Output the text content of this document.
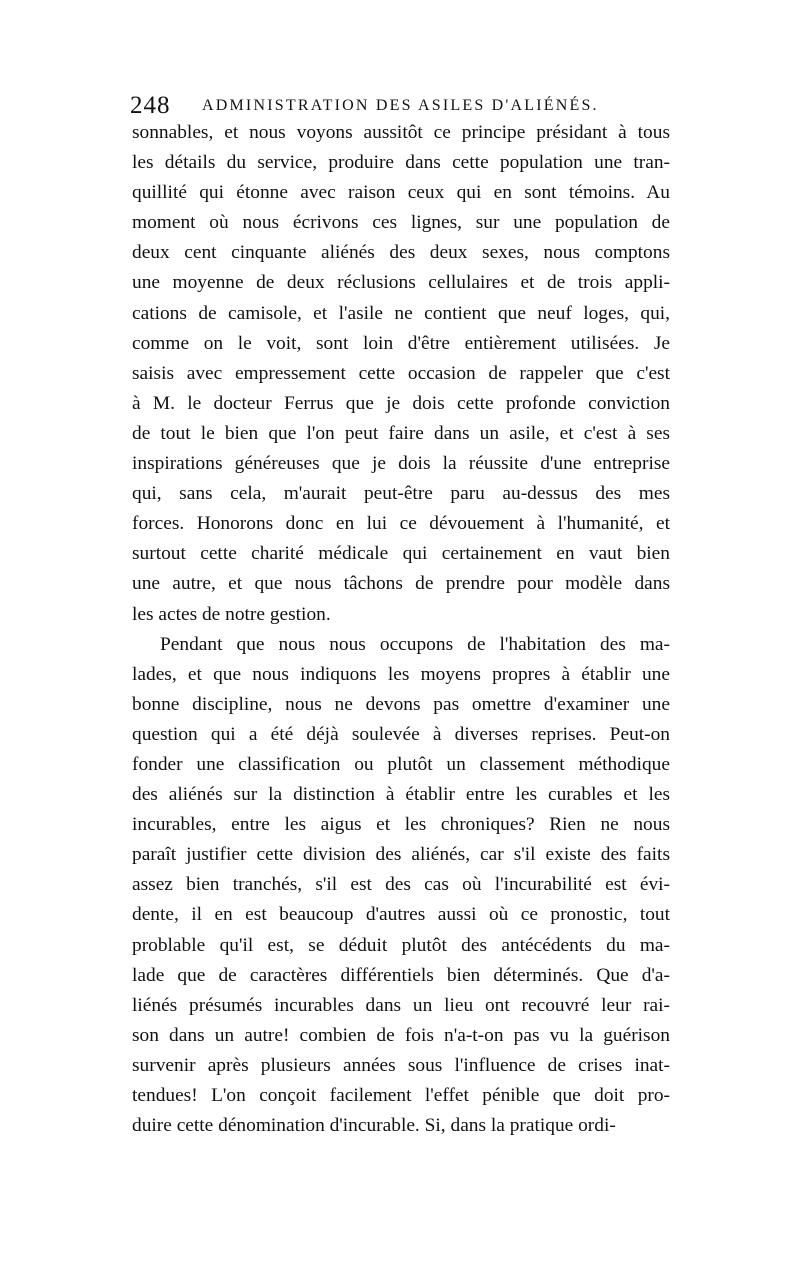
248 ADMINISTRATION DES ASILES D'ALIÉNÉS.
sonnables, et nous voyons aussitôt ce principe présidant à tous
les détails du service, produire dans cette population une tran-
quillité qui étonne avec raison ceux qui en sont témoins. Au
moment où nous écrivons ces lignes, sur une population de
deux cent cinquante aliénés des deux sexes, nous comptons
une moyenne de deux réclusions cellulaires et de trois appli-
cations de camisole, et l'asile ne contient que neuf loges, qui,
comme on le voit, sont loin d'être entièrement utilisées. Je
saisis avec empressement cette occasion de rappeler que c'est
à M. le docteur Ferrus que je dois cette profonde conviction
de tout le bien que l'on peut faire dans un asile, et c'est à ses
inspirations généreuses que je dois la réussite d'une entreprise
qui, sans cela, m'aurait peut-être paru au-dessus des mes
forces. Honorons donc en lui ce dévouement à l'humanité, et
surtout cette charité médicale qui certainement en vaut bien
une autre, et que nous tâchons de prendre pour modèle dans
les actes de notre gestion.
Pendant que nous nous occupons de l'habitation des ma-
lades, et que nous indiquons les moyens propres à établir une
bonne discipline, nous ne devons pas omettre d'examiner une
question qui a été déjà soulevée à diverses reprises. Peut-on
fonder une classification ou plutôt un classement méthodique
des aliénés sur la distinction à établir entre les curables et les
incurables, entre les aigus et les chroniques? Rien ne nous
paraît justifier cette division des aliénés, car s'il existe des faits
assez bien tranchés, s'il est des cas où l'incurabilité est évi-
dente, il en est beaucoup d'autres aussi où ce pronostic, tout
problable qu'il est, se déduit plutôt des antécédents du ma-
lade que de caractères différentiels bien déterminés. Que d'a-
liénés présumés incurables dans un lieu ont recouvré leur rai-
son dans un autre! combien de fois n'a-t-on pas vu la guérison
survenir après plusieurs années sous l'influence de crises inat-
tendues! L'on conçoit facilement l'effet pénible que doit pro-
duire cette dénomination d'incurable. Si, dans la pratique ordi-
